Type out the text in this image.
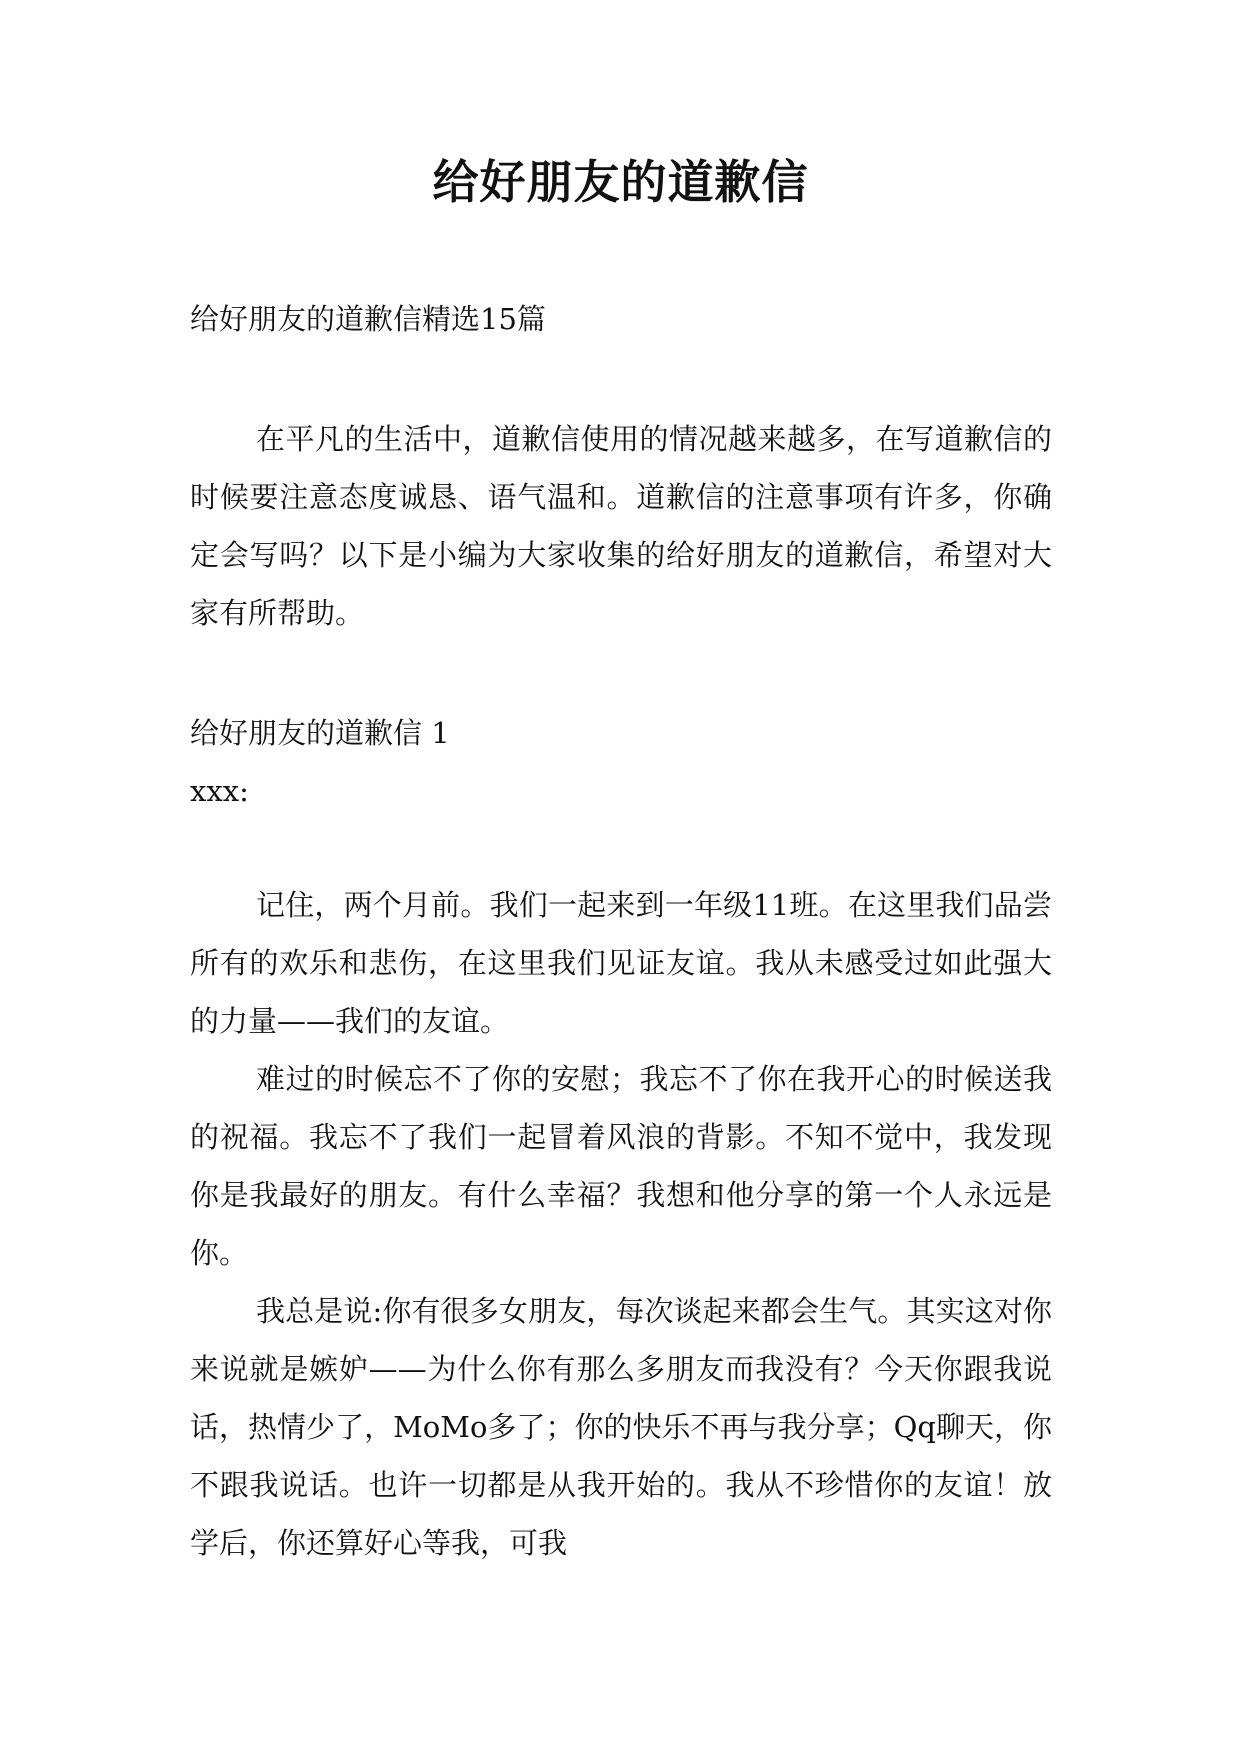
给好朋友的道歉信

给好朋友的道歉信精选15篇

在平凡的生活中，道歉信使用的情况越来越多，在写道歉信的时候要注意态度诚恳、语气温和。道歉信的注意事项有许多，你确定会写吗？以下是小编为大家收集的给好朋友的道歉信，希望对大家有所帮助。

给好朋友的道歉信 1

xxx:

记住，两个月前。我们一起来到一年级11班。在这里我们品尝所有的欢乐和悲伤，在这里我们见证友谊。我从未感受过如此强大的力量——我们的友谊。

难过的时候忘不了你的安慰；我忘不了你在我开心的时候送我的祝福。我忘不了我们一起冒着风浪的背影。不知不觉中，我发现你是我最好的朋友。有什么幸福？我想和他分享的第一个人永远是你。

我总是说:你有很多女朋友，每次谈起来都会生气。其实这对你来说就是嫉妒——为什么你有那么多朋友而我没有？今天你跟我说话，热情少了，MoMo多了；你的快乐不再与我分享；Qq聊天，你不跟我说话。也许一切都是从我开始的。我从不珍惜你的友谊！放学后，你还算好心等我，可我
